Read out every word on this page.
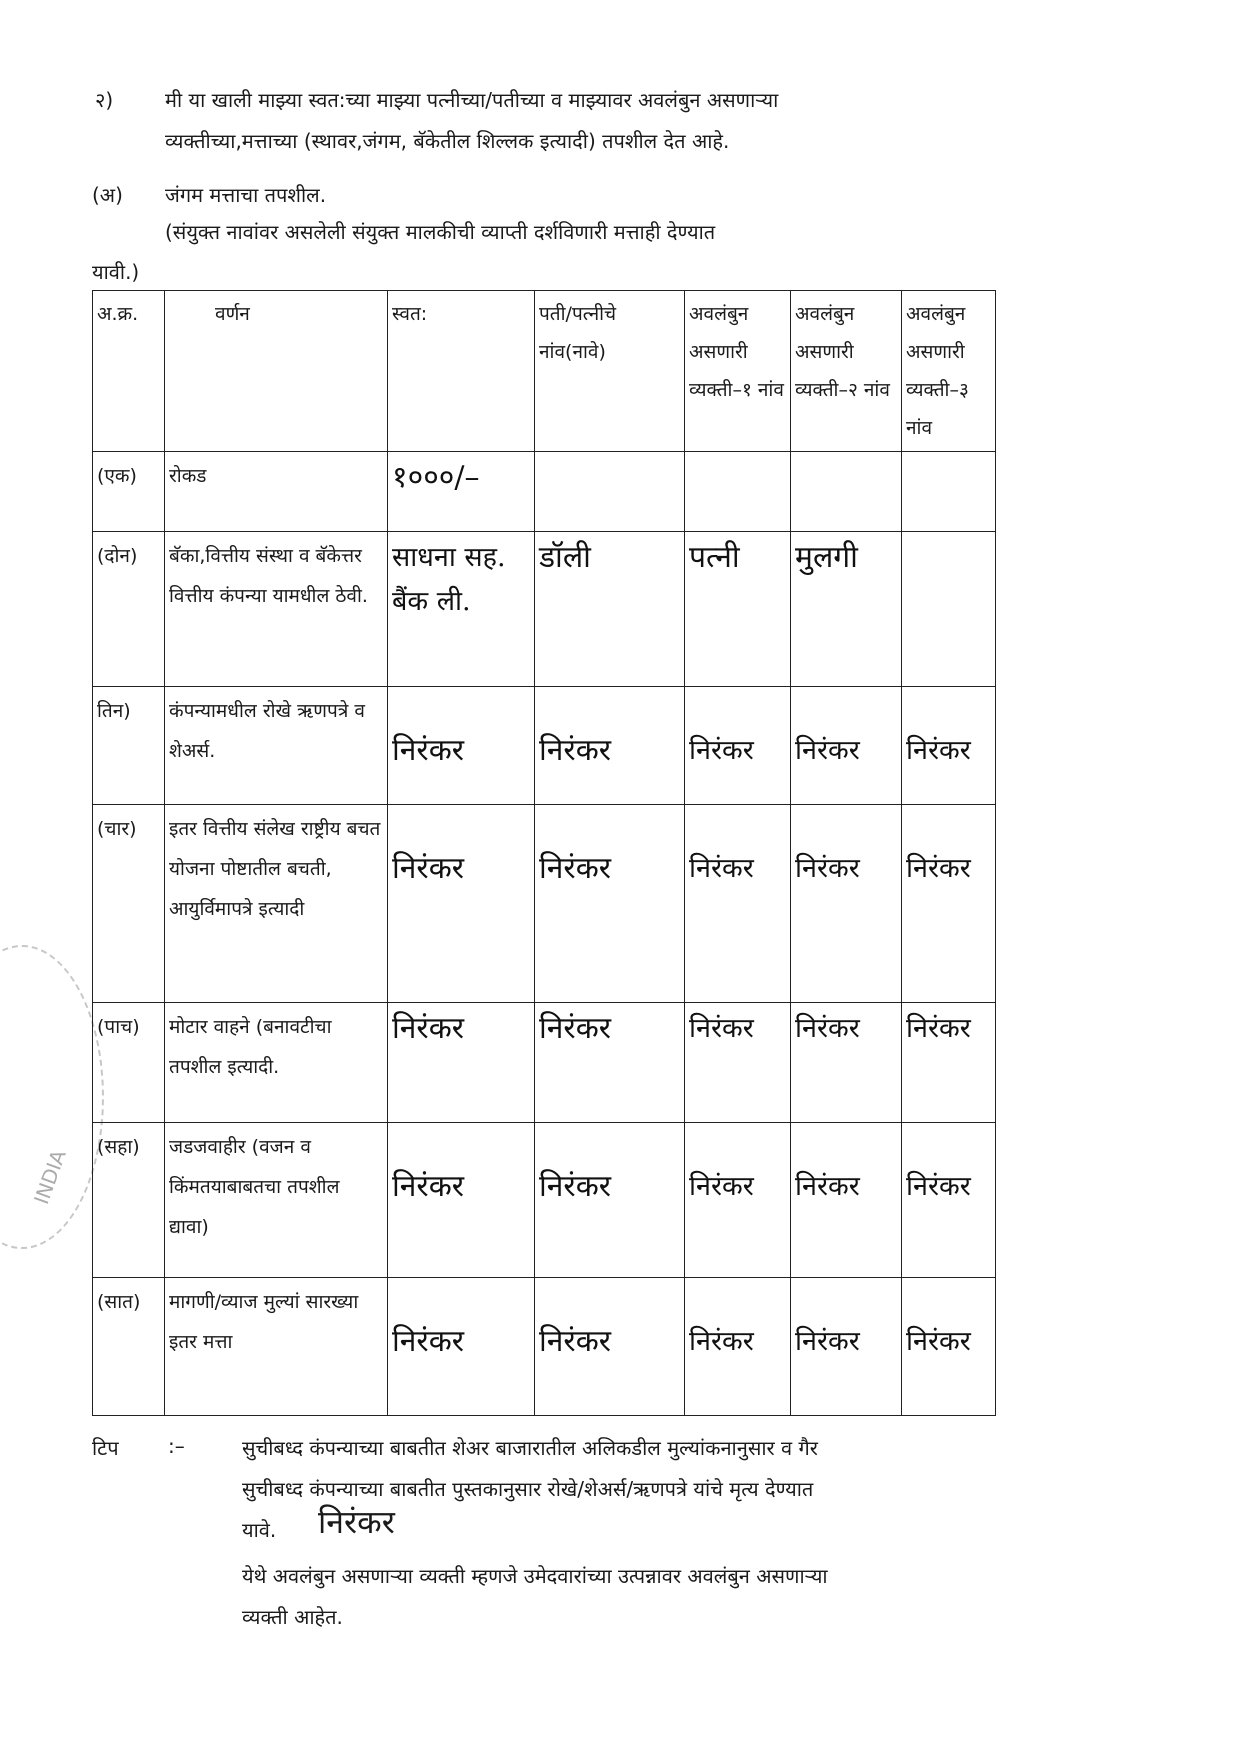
INDIA
२)	मी या खाली माझ्या स्वत:च्या माझ्या पत्नीच्या/पतीच्या व माझ्यावर अवलंबुन असणाऱ्या
व्यक्तीच्या,मत्ताच्या (स्थावर,जंगम, बॅकेतील शिल्लक इत्यादी) तपशील देत आहे.
(अ) जंगम मत्ताचा तपशील.
(संयुक्त नावांवर असलेली संयुक्त मालकीची व्याप्ती दर्शविणारी मत्ताही देण्यात
यावी.)
अ.क्र.	वर्णन	स्वत:	पती/पत्नीचे नांव(नावे)	अवलंबुन असणारी व्यक्ती–१ नांव	अवलंबुन असणारी व्यक्ती–२ नांव	अवलंबुन असणारी व्यक्ती–३ नांव
(एक)	रोकड	१०००/–				

(दोन)	बॅका,वित्तीय संस्था व बॅकेत्तर वित्तीय कंपन्या यामधील ठेवी.	साधना सह. बैंक ली.	डॉली	पत्नी	मुलगी	

तिन)	कंपन्यामधील रोखे ऋणपत्रे व शेअर्स.	निरंकर	निरंकर	निरंकर	निरंकर	निरंकर

(चार)	इतर वित्तीय संलेख राष्ट्रीय बचत योजना पोष्टातील बचती, आयुर्विमापत्रे इत्यादी	निरंकर	निरंकर	निरंकर	निरंकर	निरंकर

(पाच)	मोटार वाहने (बनावटीचा तपशील इत्यादी.	निरंकर	निरंकर	निरंकर	निरंकर	निरंकर

(सहा)	जडजवाहीर (वजन व किंमतयाबाबतचा तपशील द्यावा)	निरंकर	निरंकर	निरंकर	निरंकर	निरंकर

(सात)	मागणी/व्याज मुल्यां सारख्या इतर मत्ता	निरंकर	निरंकर	निरंकर	निरंकर	निरंकर
टिप :–	सुचीबध्द कंपन्याच्या बाबतीत शेअर बाजारातील अलिकडील मुल्यांकनानुसार व गैर
सुचीबध्द कंपन्याच्या बाबतीत पुस्तकानुसार रोखे/शेअर्स/ऋणपत्रे यांचे मृत्य देण्यात
यावे. निरंकर
येथे अवलंबुन असणाऱ्या व्यक्ती म्हणजे उमेदवारांच्या उत्पन्नावर अवलंबुन असणाऱ्या
व्यक्ती आहेत.
